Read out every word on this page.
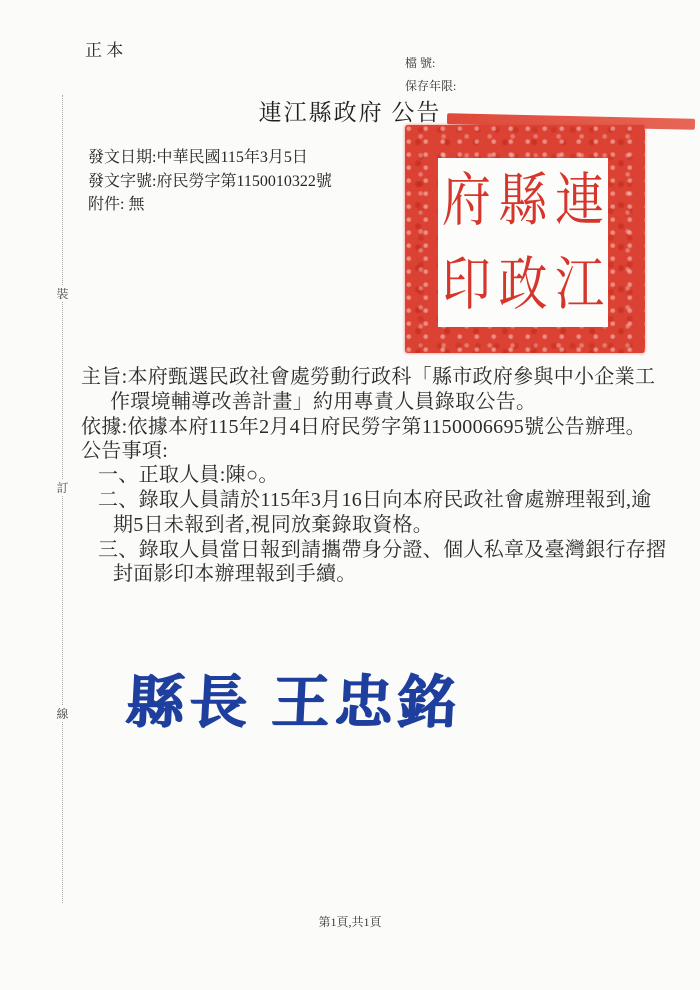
正 本
檔 號:
保存年限:
連江縣政府 公告
連
江
縣
政
府
印
發文日期:中華民國115年3月5日
發文字號:府民勞字第1150010322號
附件: 無
裝
訂
線
主旨:本府甄選民政社會處勞動行政科「縣市政府參與中小企業工
作環境輔導改善計畫」約用專責人員錄取公告。
依據:依據本府115年2月4日府民勞字第1150006695號公告辦理。
公告事項:
一、正取人員:陳○。
二、錄取人員請於115年3月16日向本府民政社會處辦理報到,逾
期5日未報到者,視同放棄錄取資格。
三、錄取人員當日報到請攜帶身分證、個人私章及臺灣銀行存摺
封面影印本辦理報到手續。
縣長 王忠銘
第1頁,共1頁
